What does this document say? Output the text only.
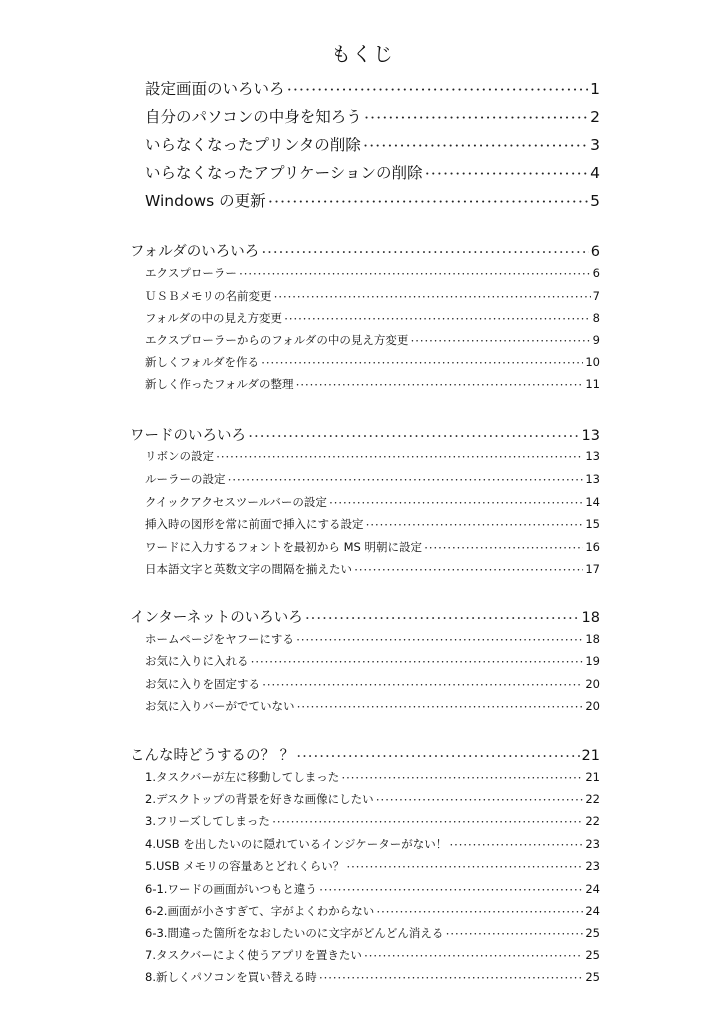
もくじ
設定画面のいろいろ ･･･････････････････････････････････････････････････････････････････････････････････････････････････････････････････････････････････････････････････････････････････････････････････････	1
自分のパソコンの中身を知ろう ･･･････････････････････････････････････････････････････････････････････････････････････････････････････････････････････････････････････････････････････････････････････････････････････	2
いらなくなったプリンタの削除 ･･･････････････････････････････････････････････････････････････････････････････････････････････････････････････････････････････････････････････････････････････････････････････････････	3
いらなくなったアプリケーションの削除 ･･･････････････････････････････････････････････････････････････････････････････････････････････････････････････････････････････････････････････････････････････････････････････････････	4
Windows の更新 ･･･････････････････････････････････････････････････････････････････････････････････････････････････････････････････････････････････････････････････････････････････････････････････････	5
フォルダのいろいろ ･･･････････････････････････････････････････････････････････････････････････････････････････････････････････････････････････････････････････････････････････････････････････････････････	6
エクスプローラー ･･･････････････････････････････････････････････････････････････････････････････････････････････････････････････････････････････････････････････････････････････････････････････････････	6
ＵＳＢメモリの名前変更 ･･･････････････････････････････････････････････････････････････････････････････････････････････････････････････････････････････････････････････････････････････････････････････････････	7
フォルダの中の見え方変更 ･･･････････････････････････････････････････････････････････････････････････････････････････････････････････････････････････････････････････････････････････････････････････････････････	8
エクスプローラーからのフォルダの中の見え方変更 ･･･････････････････････････････････････････････････････････････････････････････････････････････････････････････････････････････････････････････････････････････････････････････････････	9
新しくフォルダを作る ･･･････････････････････････････････････････････････････････････････････････････････････････････････････････････････････････････････････････････････････････････････････････････････････	10
新しく作ったフォルダの整理 ･･･････････････････････････････････････････････････････････････････････････････････････････････････････････････････････････････････････････････････････････････････････････････････････	11
ワードのいろいろ ･･･････････････････････････････････････････････････････････････････････････････････････････････････････････････････････････････････････････････････････････････････････････････････････	13
リボンの設定 ･･･････････････････････････････････････････････････････････････････････････････････････････････････････････････････････････････････････････････････････････････････････････････････････	13
ルーラーの設定 ･･･････････････････････････････････････････････････････････････････････････････････････････････････････････････････････････････････････････････････････････････････････････････････････	13
クイックアクセスツールバーの設定 ･･･････････････････････････････････････････････････････････････････････････････････････････････････････････････････････････････････････････････････････････････････････････････････････	14
挿入時の図形を常に前面で挿入にする設定 ･･･････････････････････････････････････････････････････････････････････････････････････････････････････････････････････････････････････････････････････････････････････････････････････	15
ワードに入力するフォントを最初から MS 明朝に設定 ･･･････････････････････････････････････････････････････････････････････････････････････････････････････････････････････････････････････････････････････････････････････････････････････	16
日本語文字と英数文字の間隔を揃えたい ･･･････････････････････････････････････････････････････････････････････････････････････････････････････････････････････････････････････････････････････････････････････････････････････	17
インターネットのいろいろ ･･･････････････････････････････････････････････････････････････････････････････････････････････････････････････････････････････････････････････････････････････････････････････････････	18
ホームページをヤフーにする ･･･････････････････････････････････････････････････････････････････････････････････････････････････････････････････････････････････････････････････････････････････････････････････････	18
お気に入りに入れる ･･･････････････････････････････････････････････････････････････････････････････････････････････････････････････････････････････････････････････････････････････････････････････････････	19
お気に入りを固定する ･･･････････････････････････････････････････････････････････････････････････････････････････････････････････････････････････････････････････････････････････････････････････････････････	20
お気に入りバーがでていない ･･･････････････････････････････････････････････････････････････････････････････････････････････････････････････････････････････････････････････････････････････････････････････････････	20
こんな時どうするの？ ？ ･･･････････････････････････････････････････････････････････････････････････････････････････････････････････････････････････････････････････････････････････････････････････････････････	21
1.タスクバーが左に移動してしまった ･･･････････････････････････････････････････････････････････････････････････････････････････････････････････････････････････････････････････････････････････････････････････････････････	21
2.デスクトップの背景を好きな画像にしたい ･･･････････････････････････････････････････････････････････････････････････････････････････････････････････････････････････････････････････････････････････････････････････････････････	22
3.フリーズしてしまった ･･･････････････････････････････････････････････････････････････････････････････････････････････････････････････････････････････････････････････････････････････････････････････････････	22
4.USB を出したいのに隠れているインジケーターがない！ ･･･････････････････････････････････････････････････････････････････････････････････････････････････････････････････････････････････････････････････････････････････････････････････････	23
5.USB メモリの容量あとどれくらい？ ･･･････････････････････････････････････････････････････････････････････････････････････････････････････････････････････････････････････････････････････････････････････････････････････	23
6-1.ワードの画面がいつもと違う ･･･････････････････････････････････････････････････････････････････････････････････････････････････････････････････････････････････････････････････････････････････････････････････････	24
6-2.画面が小さすぎて、字がよくわからない ･･･････････････････････････････････････････････････････････････････････････････････････････････････････････････････････････････････････････････････････････････････････････････････････	24
6-3.間違った箇所をなおしたいのに文字がどんどん消える ･･･････････････････････････････････････････････････････････････････････････････････････････････････････････････････････････････････････････････････････････････････････････････････････	25
7.タスクバーによく使うアプリを置きたい ･･･････････････････････････････････････････････････････････････････････････････････････････････････････････････････････････････････････････････････････････････････････････････････････	25
8.新しくパソコンを買い替える時 ･･･････････････････････････････････････････････････････････････････････････････････････････････････････････････････････････････････････････････････････････････････････････････････････	25
